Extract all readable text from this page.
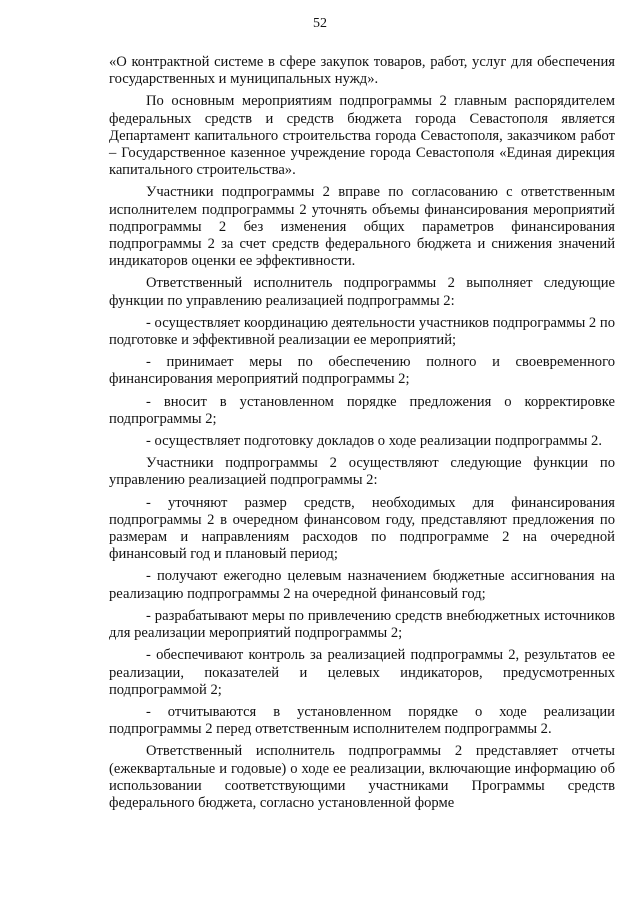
52

«О контрактной системе в сфере закупок товаров, работ, услуг для обеспечения государственных и муниципальных нужд».

По основным мероприятиям подпрограммы 2 главным распорядителем федеральных средств и средств бюджета города Севастополя является Департамент капитального строительства города Севастополя, заказчиком работ – Государственное казенное учреждение города Севастополя «Единая дирекция капитального строительства».

Участники подпрограммы 2 вправе по согласованию с ответственным исполнителем подпрограммы 2 уточнять объемы финансирования мероприятий подпрограммы 2 без изменения общих параметров финансирования подпрограммы 2 за счет средств федерального бюджета и снижения значений индикаторов оценки ее эффективности.

Ответственный исполнитель подпрограммы 2 выполняет следующие функции по управлению реализацией подпрограммы 2:

- осуществляет координацию деятельности участников подпрограммы 2 по подготовке и эффективной реализации ее мероприятий;

- принимает меры по обеспечению полного и своевременного финансирования мероприятий подпрограммы 2;

- вносит в установленном порядке предложения о корректировке подпрограммы 2;

- осуществляет подготовку докладов о ходе реализации подпрограммы 2.

Участники подпрограммы 2 осуществляют следующие функции по управлению реализацией подпрограммы 2:

- уточняют размер средств, необходимых для финансирования подпрограммы 2 в очередном финансовом году, представляют предложения по размерам и направлениям расходов по подпрограмме 2 на очередной финансовый год и плановый период;

- получают ежегодно целевым назначением бюджетные ассигнования на реализацию подпрограммы 2 на очередной финансовый год;

- разрабатывают меры по привлечению средств внебюджетных источников для реализации мероприятий подпрограммы 2;

- обеспечивают контроль за реализацией подпрограммы 2, результатов ее реализации, показателей и целевых индикаторов, предусмотренных подпрограммой 2;

- отчитываются в установленном порядке о ходе реализации подпрограммы 2 перед ответственным исполнителем подпрограммы 2.

Ответственный исполнитель подпрограммы 2 представляет отчеты (ежеквартальные и годовые) о ходе ее реализации, включающие информацию об использовании соответствующими участниками Программы средств федерального бюджета, согласно установленной форме
